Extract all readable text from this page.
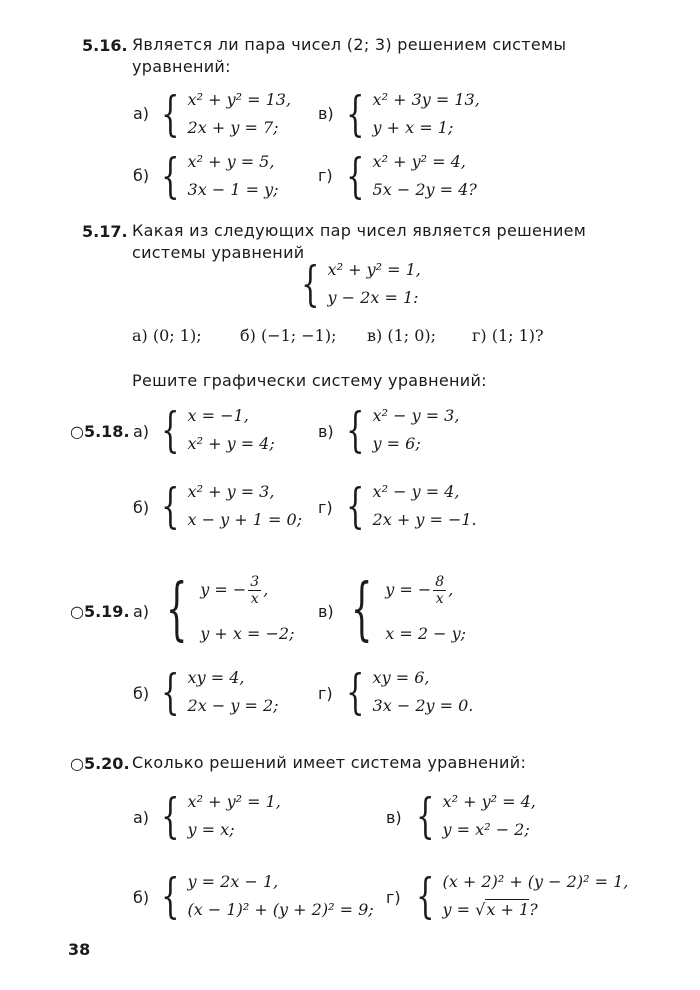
5.16. Является ли пара чисел (2; 3) решением системы уравнений:
а) { x² + y² = 13,
2x + y = 7;
в) { x² + 3y = 13,
y + x = 1;
б) { x² + y = 5,
3x − 1 = y;
г) { x² + y² = 4,
5x − 2y = 4?
5.17. Какая из следующих пар чисел является решением системы уравнений
{ x² + y² = 1,
y − 2x = 1:
а) (0; 1); б) (−1; −1); в) (1; 0); г) (1; 1)?
Решите графически систему уравнений:
○5.18. а) { x = −1,
x² + y = 4;
в) { x² − y = 3,
y = 6;
б) { x² + y = 3,
x − y + 1 = 0;
г) { x² − y = 4,
2x + y = −1.
○5.19. а) { y = − $\frac{3}{x}$ ,
y + x = −2;
в) { y = − $\frac{8}{x}$ ,
x = 2 − y;
б) { xy = 4,
2x − y = 2;
г) { xy = 6,
3x − 2y = 0.
○5.20. Сколько решений имеет система уравнений:
а) { x² + y² = 1,
y = x;
в) { x² + y² = 4,
y = x² − 2;
б) { y = 2x − 1,
(x − 1)² + (y + 2)² = 9;
г) { (x + 2)² + (y − 2)² = 1,
y = √x + 1?
38
